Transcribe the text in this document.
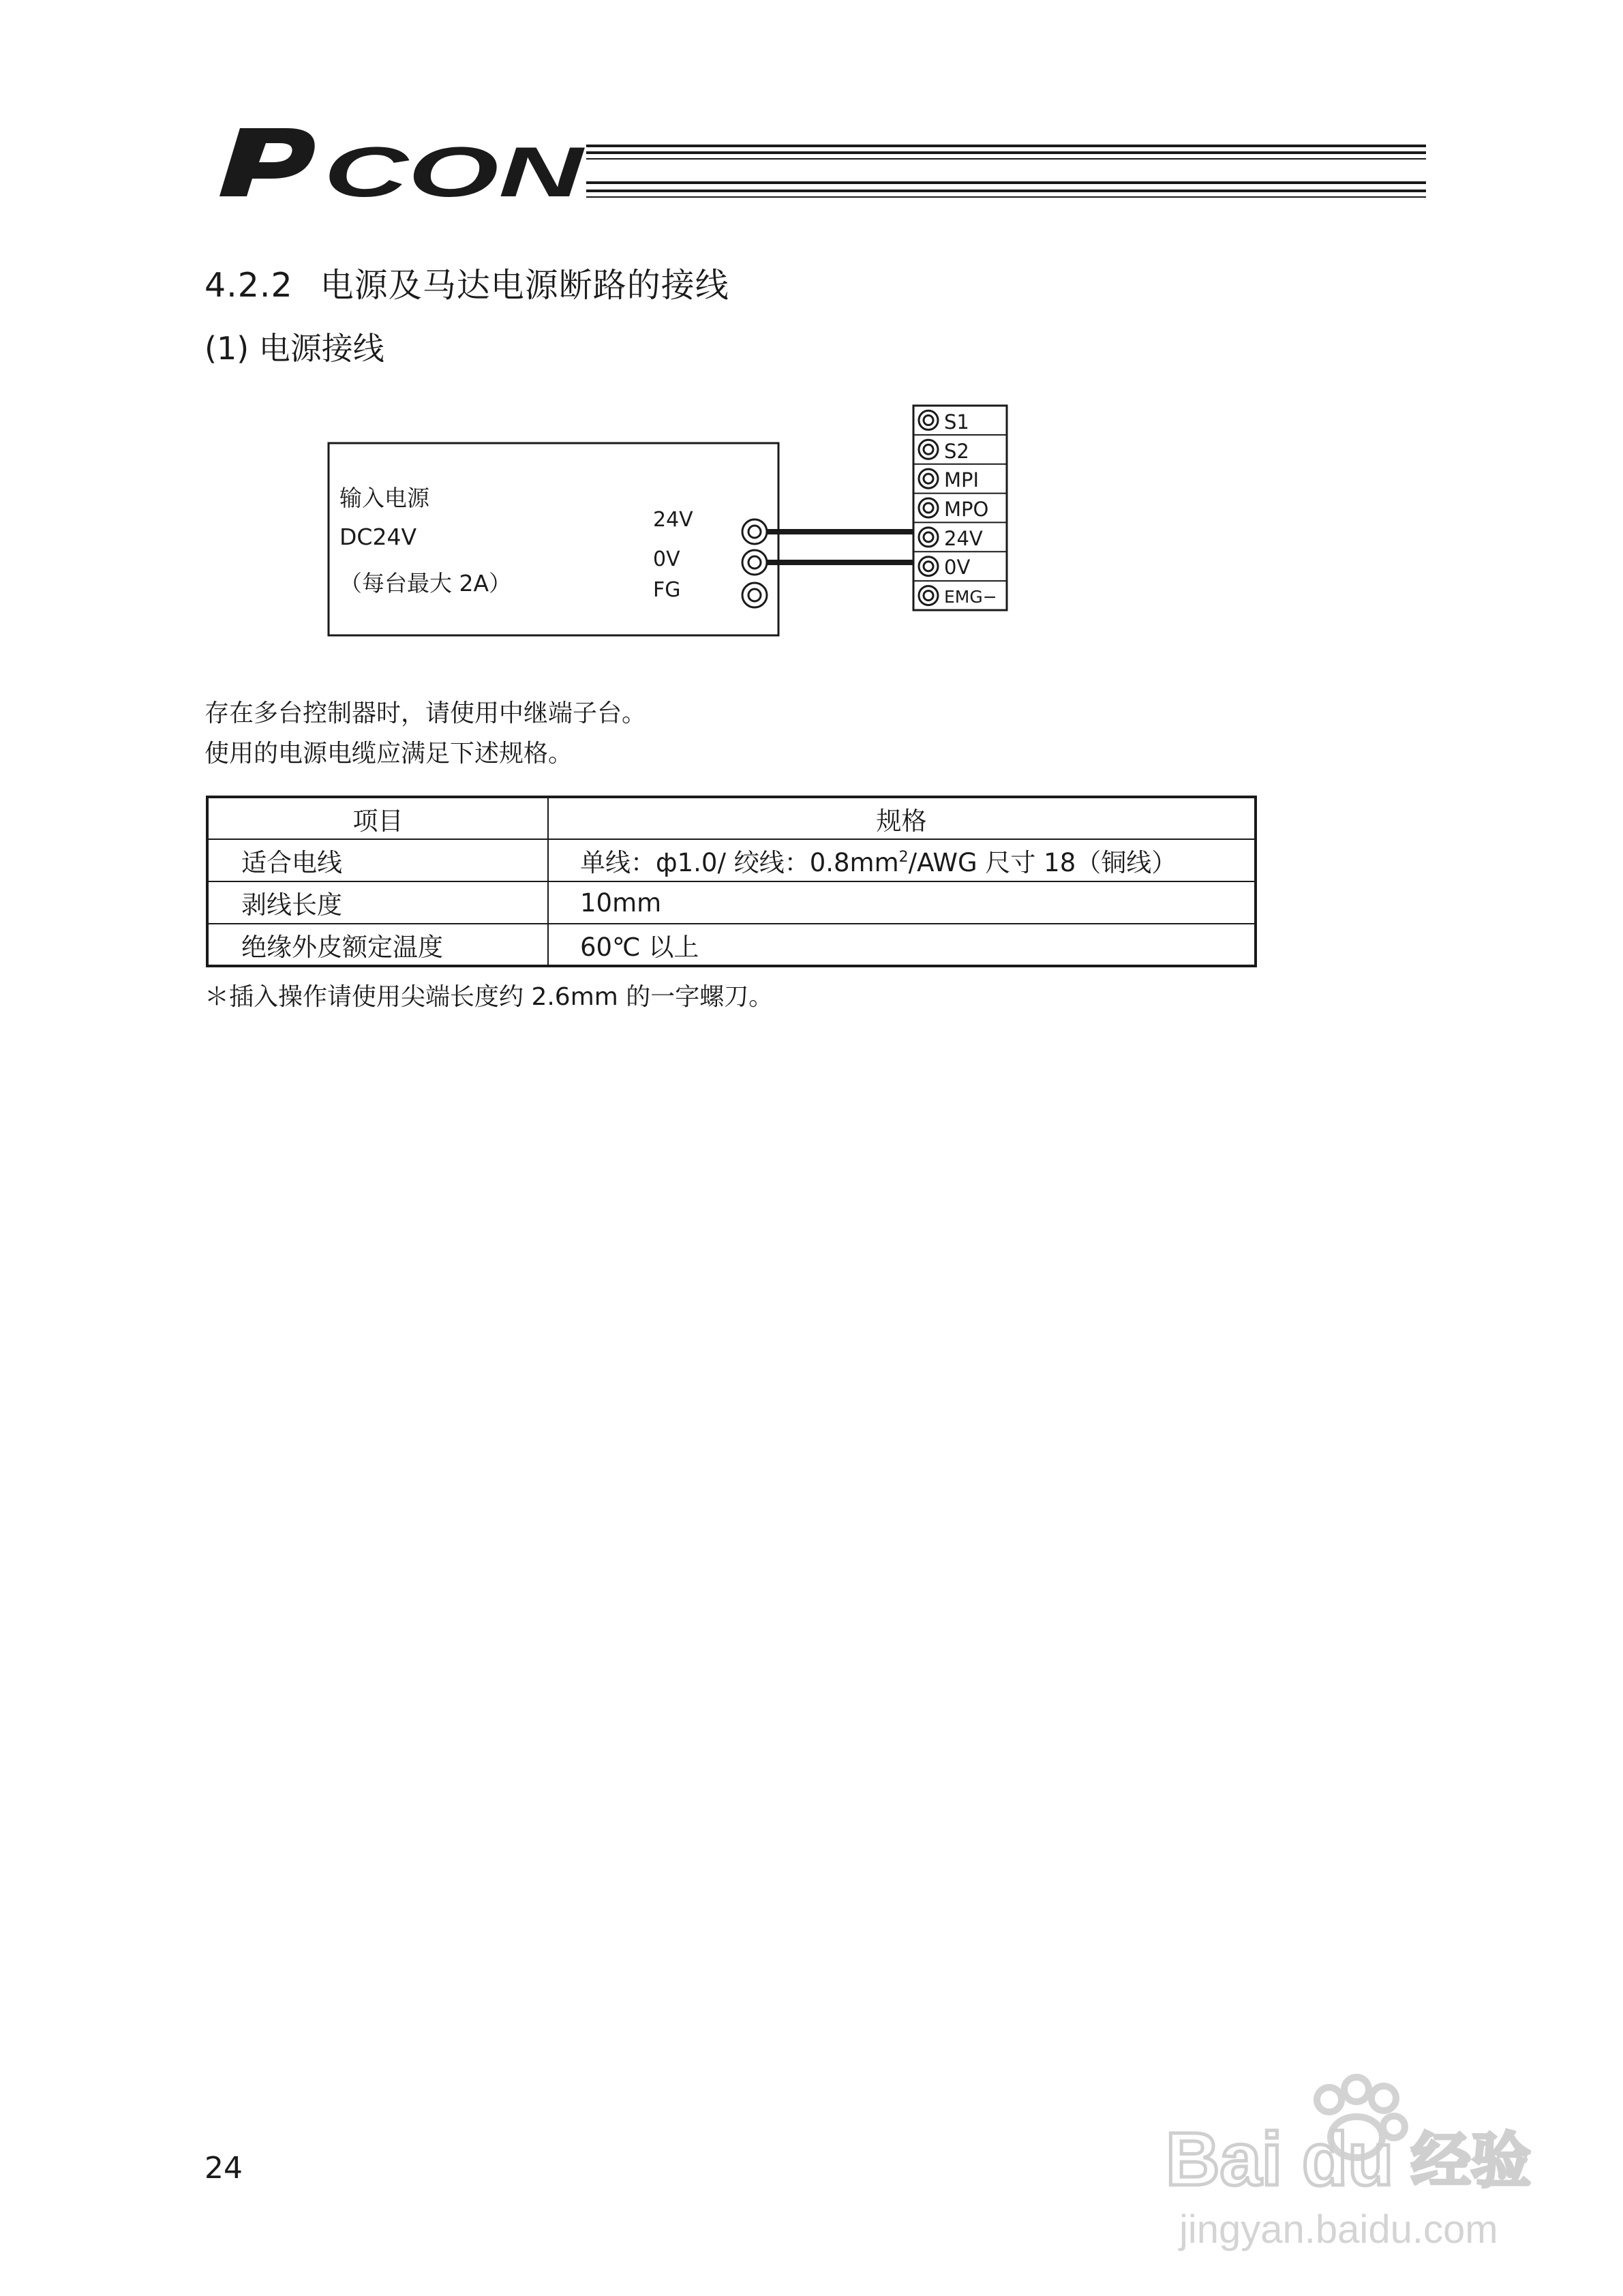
CON
4.2.2 电源及马达电源断路的接线
(1) 电源接线
输入电源
DC24V
（每台最大 2A）
24V
0V
FG
S1
S2
MPI
MPO
24V
0V
EMG−
存在多台控制器时，请使用中继端子台。
使用的电源电缆应满足下述规格。
项目	规格
适合电线	单线：ф1.0/ 绞线：$0.8mm^2$/AWG 尺寸 18（铜线）
剥线长度	10mm
绝缘外皮额定温度	60℃ 以上
＊插入操作请使用尖端长度约 2.6mm 的一字螺刀。
24	Bai du 经验
jingyan.baidu.com
